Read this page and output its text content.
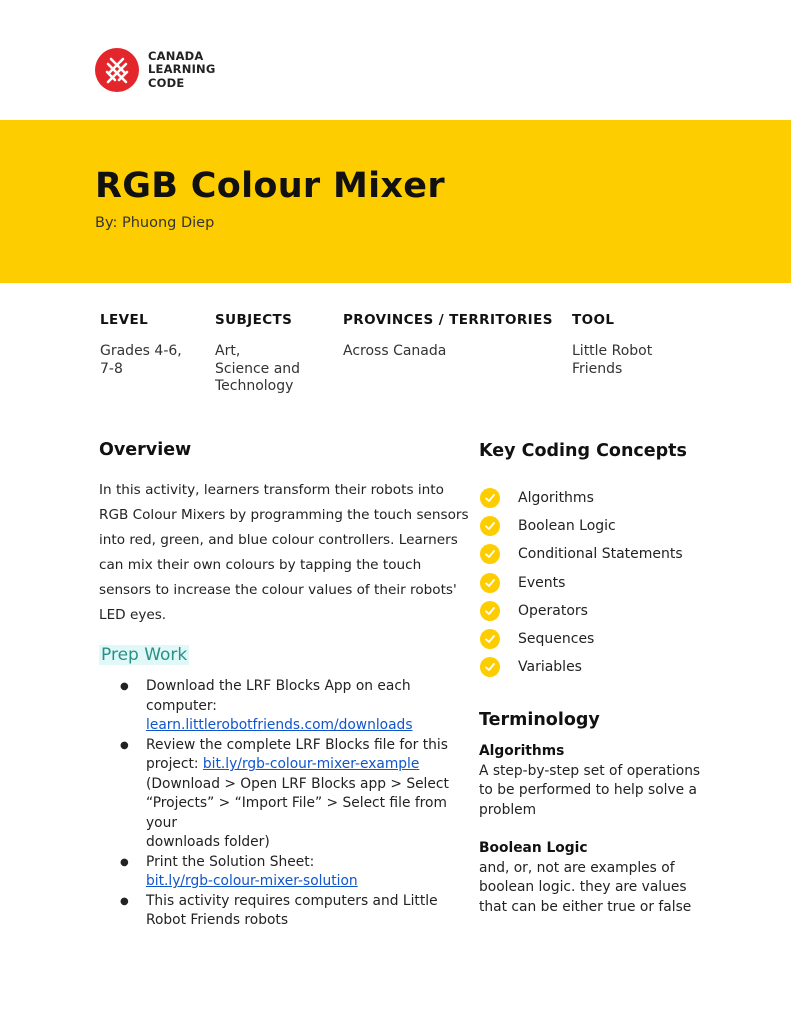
CANADA
LEARNING
CODE
RGB Colour Mixer
By: Phuong Diep
LEVEL
Grades 4-6,
7-8
SUBJECTS
Art,
Science and
Technology
PROVINCES / TERRITORIES
Across Canada
TOOL
Little Robot
Friends
Overview

In this activity, learners transform their robots into RGB Colour Mixers by programming the touch sensors into red, green, and blue colour controllers. Learners can mix their own colours by tapping the touch sensors to increase the colour values of their robots' LED eyes.

Prep Work
● Download the LRF Blocks App on each
computer:
learn.littlerobotfriends.com/downloads
● Review the complete LRF Blocks file for this
project: bit.ly/rgb-colour-mixer-example
(Download > Open LRF Blocks app > Select
“Projects” > “Import File” > Select file from your
downloads folder)
● Print the Solution Sheet:
bit.ly/rgb-colour-mixer-solution
● This activity requires computers and Little
Robot Friends robots
Key Coding Concepts
Algorithms
Boolean Logic
Conditional Statements
Events
Operators
Sequences
Variables
Terminology
Algorithms
A step-by-step set of operations
to be performed to help solve a
problem
Boolean Logic
and, or, not are examples of
boolean logic. they are values
that can be either true or false
